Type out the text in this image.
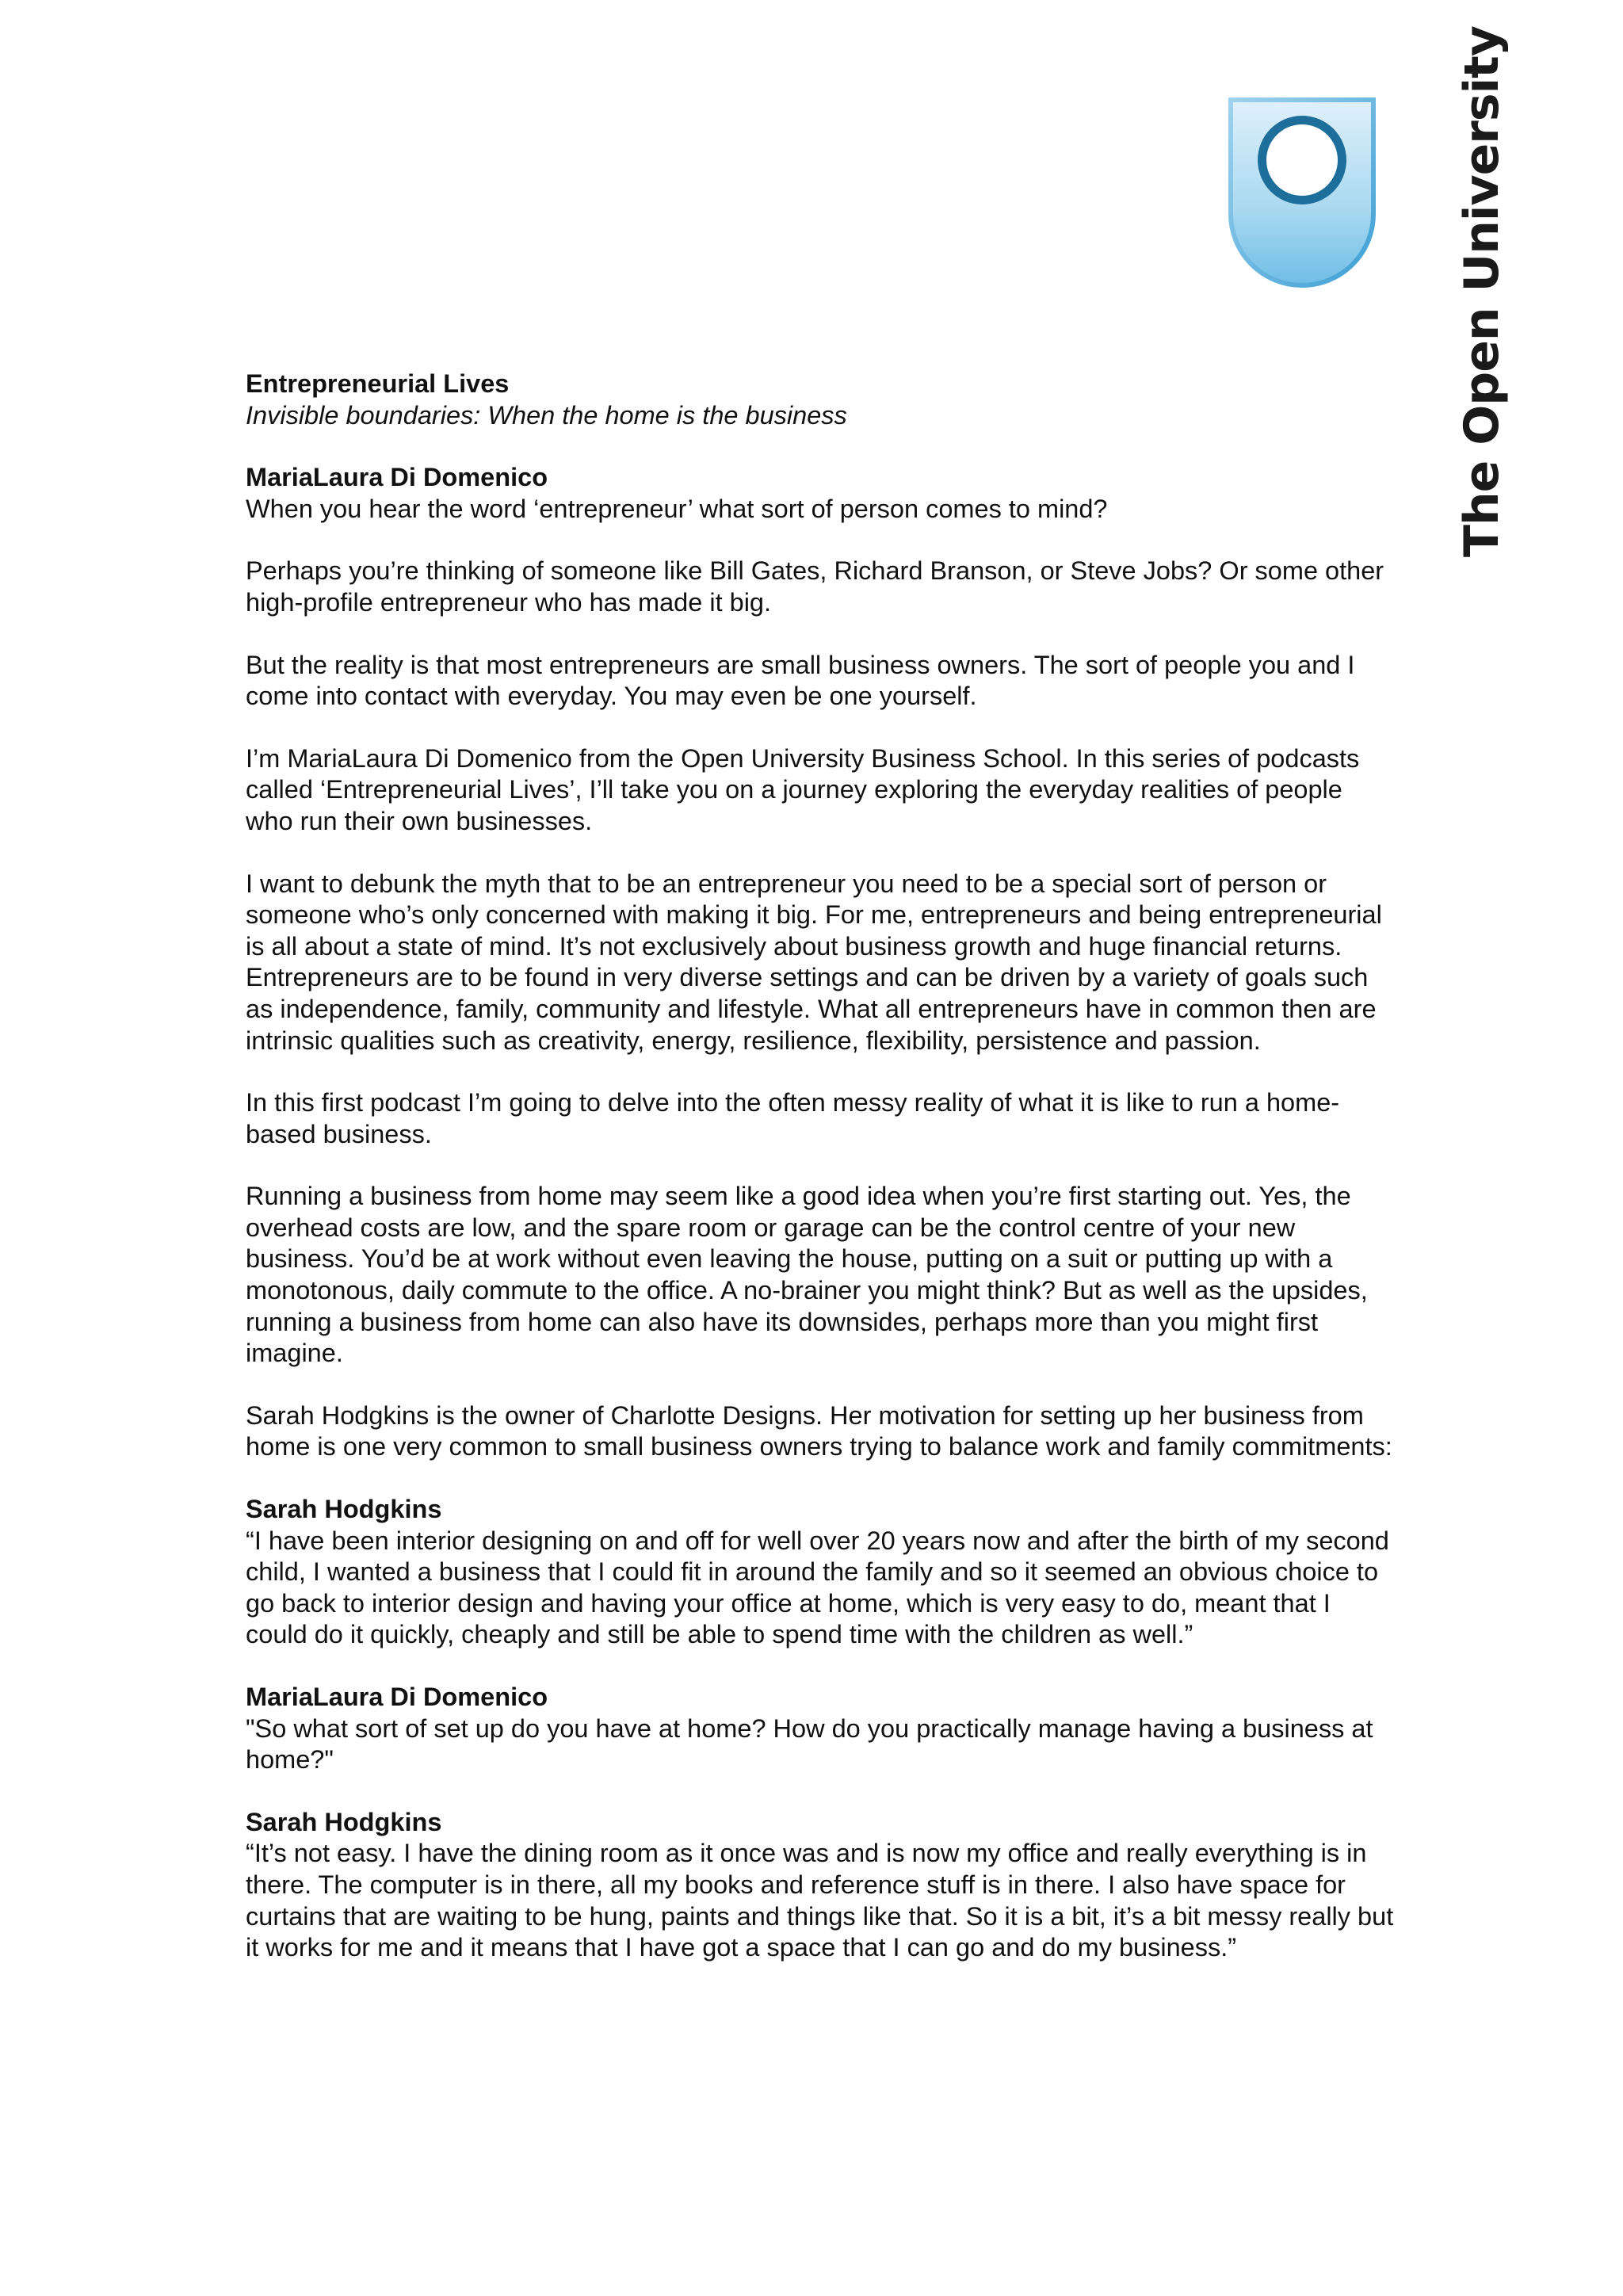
The Open University

Entrepreneurial Lives

Invisible boundaries: When the home is the business

MariaLaura Di Domenico

When you hear the word ‘entrepreneur’ what sort of person comes to mind?

Perhaps you’re thinking of someone like Bill Gates, Richard Branson, or Steve Jobs? Or some other high-profile entrepreneur who has made it big.

But the reality is that most entrepreneurs are small business owners. The sort of people you and I come into contact with everyday. You may even be one yourself.

I’m MariaLaura Di Domenico from the Open University Business School. In this series of podcasts called ‘Entrepreneurial Lives’, I’ll take you on a journey exploring the everyday realities of people who run their own businesses.

I want to debunk the myth that to be an entrepreneur you need to be a special sort of person or someone who’s only concerned with making it big. For me, entrepreneurs and being entrepreneurial is all about a state of mind. It’s not exclusively about business growth and huge financial returns. Entrepreneurs are to be found in very diverse settings and can be driven by a variety of goals such as independence, family, community and lifestyle. What all entrepreneurs have in common then are intrinsic qualities such as creativity, energy, resilience, flexibility, persistence and passion.

In this first podcast I’m going to delve into the often messy reality of what it is like to run a home-based business.

Running a business from home may seem like a good idea when you’re first starting out. Yes, the overhead costs are low, and the spare room or garage can be the control centre of your new business. You’d be at work without even leaving the house, putting on a suit or putting up with a monotonous, daily commute to the office. A no-brainer you might think? But as well as the upsides, running a business from home can also have its downsides, perhaps more than you might first imagine.

Sarah Hodgkins is the owner of Charlotte Designs. Her motivation for setting up her business from home is one very common to small business owners trying to balance work and family commitments:

Sarah Hodgkins

“I have been interior designing on and off for well over 20 years now and after the birth of my second child, I wanted a business that I could fit in around the family and so it seemed an obvious choice to go back to interior design and having your office at home, which is very easy to do, meant that I could do it quickly, cheaply and still be able to spend time with the children as well.”

MariaLaura Di Domenico

"So what sort of set up do you have at home? How do you practically manage having a business at home?"

Sarah Hodgkins

“It’s not easy. I have the dining room as it once was and is now my office and really everything is in there. The computer is in there, all my books and reference stuff is in there. I also have space for curtains that are waiting to be hung, paints and things like that. So it is a bit, it’s a bit messy really but it works for me and it means that I have got a space that I can go and do my business.”
